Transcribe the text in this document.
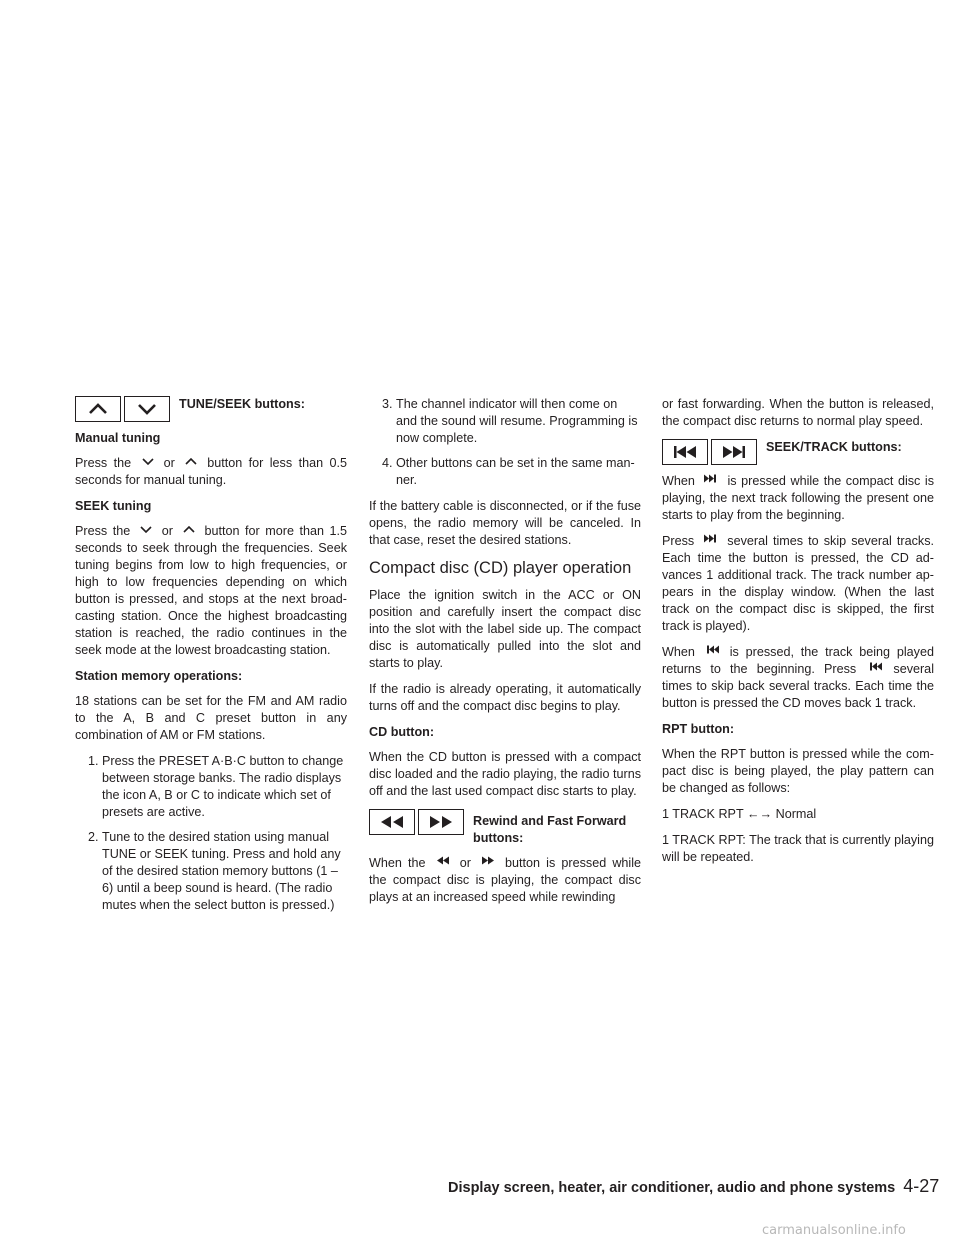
TUNE/SEEK buttons:
Manual tuning

Press the	or	button for less than 0.5 seconds for manual tuning.

SEEK tuning

Press the	or	button for more than 1.5 seconds to seek through the frequencies. Seek tuning begins from low to high frequencies, or high to low frequencies depending on which button is pressed, and stops at the next broad- casting station. Once the highest broadcasting station is reached, the radio continues in the seek mode at the lowest broadcasting station.

Station memory operations:

18 stations can be set for the FM and AM radio to the A, B and C preset button in any combination of AM or FM stations.

1. Press the PRESET A·B·C button to change between storage banks. The radio displays the icon A, B or C to indicate which set of presets are active.
2. Tune to the desired station using manual TUNE or SEEK tuning. Press and hold any of the desired station memory buttons (1 – 6) until a beep sound is heard. (The radio mutes when the select button is pressed.)
3. The channel indicator will then come on and the sound will resume. Programming is now complete.
4. Other buttons can be set in the same man- ner.

If the battery cable is disconnected, or if the fuse opens, the radio memory will be canceled. In that case, reset the desired stations.

Compact disc (CD) player operation

Place the ignition switch in the ACC or ON position and carefully insert the compact disc into the slot with the label side up. The compact disc is automatically pulled into the slot and starts to play.

If the radio is already operating, it automatically turns off and the compact disc begins to play.

CD button:

When the CD button is pressed with a compact disc loaded and the radio playing, the radio turns off and the last used compact disc starts to play.

Rewind and Fast Forward buttons:

When the	or	button is pressed while the compact disc is playing, the compact disc plays at an increased speed while rewinding

or fast forwarding. When the button is released, the compact disc returns to normal play speed.

SEEK/TRACK buttons:

When	is pressed while the compact disc is playing, the next track following the present one starts to play from the beginning.

Press	several times to skip several tracks. Each time the button is pressed, the CD ad- vances 1 additional track. The track number ap- pears in the display window. (When the last track on the compact disc is skipped, the first track is played).

When	is pressed, the track being played returns to the beginning. Press	several times to skip back several tracks. Each time the button is pressed the CD moves back 1 track.

RPT button:

When the RPT button is pressed while the com- pact disc is being played, the play pattern can be changed as follows:

1 TRACK RPT ←→ Normal

1 TRACK RPT: The track that is currently playing will be repeated.

Display screen, heater, air conditioner, audio and phone systems 4-27
carmanualsonline.info
